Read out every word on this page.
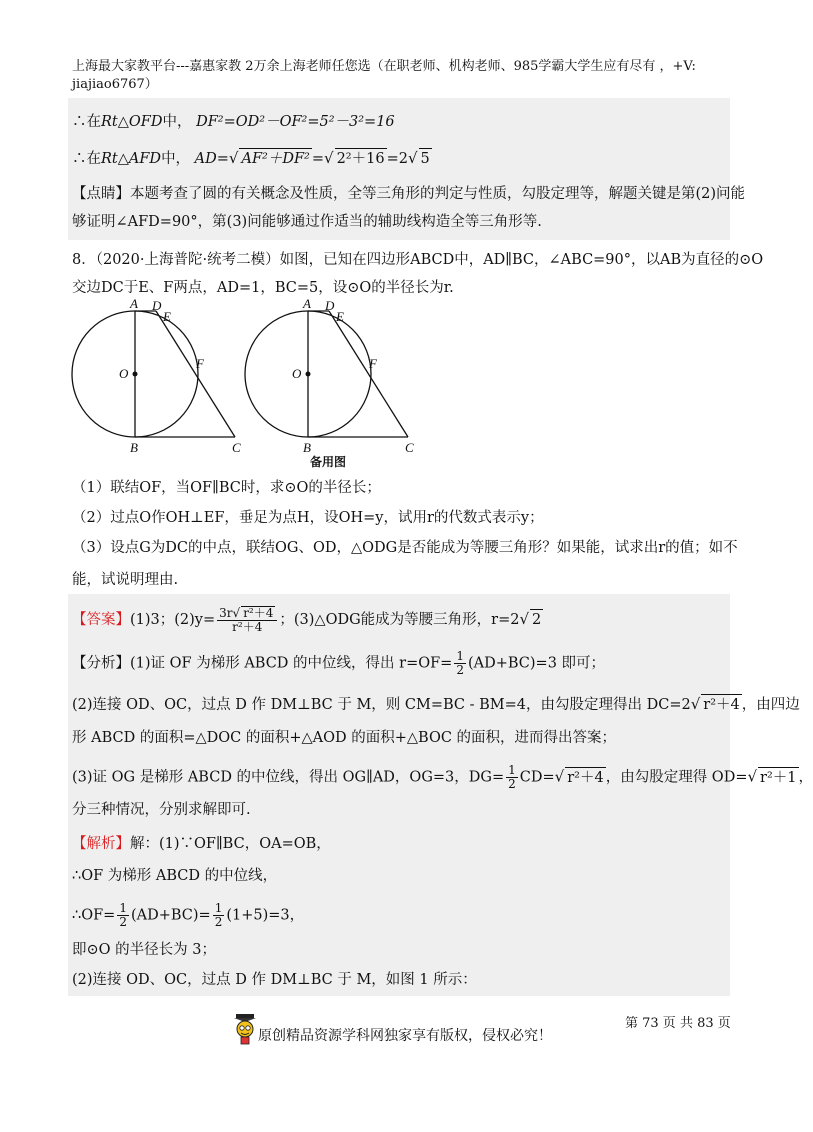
上海最大家教平台---嘉惠家教 2万余上海老师任您选（在职老师、机构老师、985学霸大学生应有尽有 ，+V:
jiajiao6767）
∴在Rt△OFD中， DF²=OD²－OF²=5²－3²=16
∴在Rt△AFD中， AD=√ AF²＋DF² =√ 2²＋16 =2√ 5
【点睛】本题考查了圆的有关概念及性质，全等三角形的判定与性质，勾股定理等，解题关键是第(2)问能
够证明∠AFD=90°，第(3)问能够通过作适当的辅助线构造全等三角形等.
8．（2020·上海普陀·统考二模）如图，已知在四边形ABCD中，AD∥BC，∠ABC=90°，以AB为直径的⊙O
交边DC于E、F两点，AD=1，BC=5，设⊙O的半径长为r.
A D
E
O
F
B	C
A D
E
O
F
B	C
备用图
（1）联结OF，当OF∥BC时，求⊙O的半径长；
（2）过点O作OH⊥EF，垂足为点H，设OH=y，试用r的代数式表示y；
（3）设点G为DC的中点，联结OG、OD，△ODG是否能成为等腰三角形？如果能，试求出r的值；如不
能，试说明理由.
【答案】(1)3；$(2)y= \frac{\text{3r√ r²＋4}}{\text{r²＋4}}$ ；(3)△ODG能成为等腰三角形，r=2√ 2
【分析】(1)证 OF 为梯形 ABCD 的中位线，得出 $r=OF= \frac{1}{2} (AD+BC)=3$ 即可；
(2)连接 OD、OC，过点 D 作 DM⊥BC 于 M，则 CM=BC - BM=4，由勾股定理得出 DC=2√ r²＋4 ，由四边
形 ABCD 的面积=△DOC 的面积+△AOD 的面积+△BOC 的面积，进而得出答案；
(3)证 OG 是梯形 ABCD 的中位线，得出 OG∥AD，OG=3，$DG= \frac{1}{2} CD=√$ r²＋4 ，由勾股定理得 OD=√ r²＋1 ，
分三种情况，分别求解即可.
【解析】解：(1)∵OF∥BC，OA=OB，
∴OF 为梯形 ABCD 的中位线，
∴OF= $\frac{1}{2} (AD+BC)= \frac{1}{2} (1+5)=3$，
即⊙O 的半径长为 3；
(2)连接 OD、OC，过点 D 作 DM⊥BC 于 M，如图 1 所示：
原创精品资源学科网独家享有版权，侵权必究！
第 73 页 共 83 页
